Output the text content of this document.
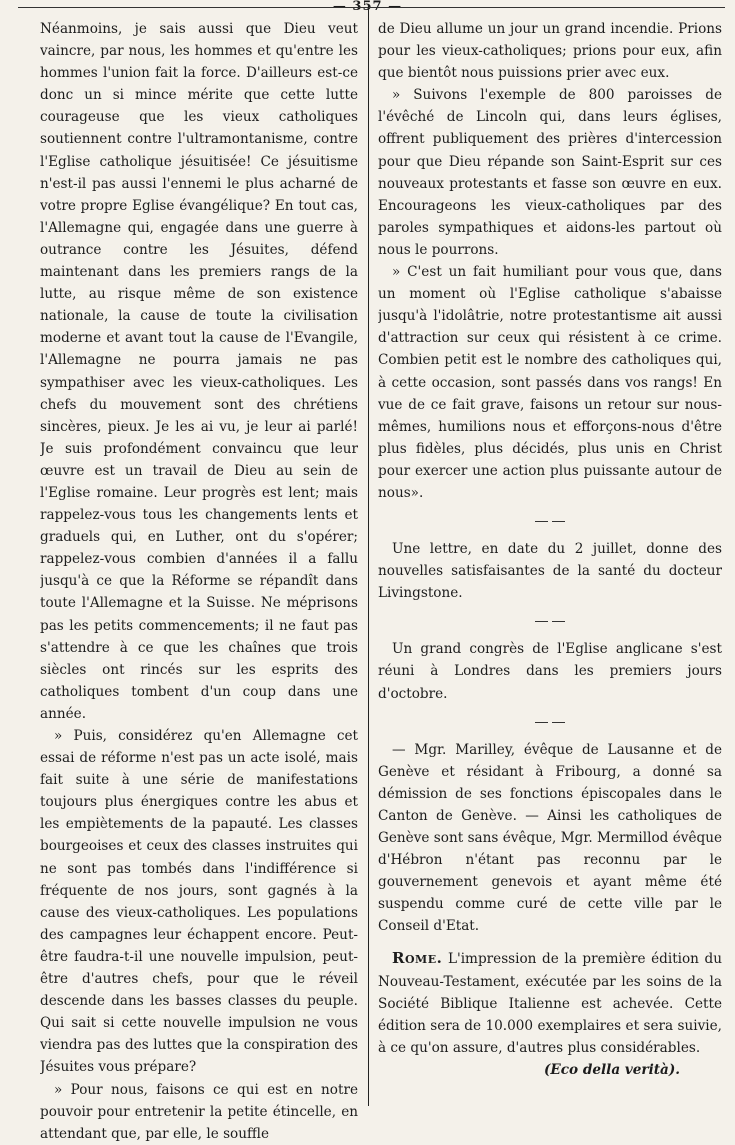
— 357 —

Néanmoins, je sais aussi que Dieu veut vaincre, par nous, les hommes et qu'entre les hommes l'union fait la force. D'ailleurs est-ce donc un si mince mérite que cette lutte courageuse que les vieux catholiques soutiennent contre l'ultramontanisme, contre l'Eglise catholique jésuitisée! Ce jésuitisme n'est-il pas aussi l'ennemi le plus acharné de votre propre Eglise évangélique? En tout cas, l'Allemagne qui, engagée dans une guerre à outrance contre les Jésuites, défend maintenant dans les premiers rangs de la lutte, au risque même de son existence nationale, la cause de toute la civilisation moderne et avant tout la cause de l'Evangile, l'Allemagne ne pourra jamais ne pas sympathiser avec les vieux-catholiques. Les chefs du mouvement sont des chrétiens sincères, pieux. Je les ai vu, je leur ai parlé! Je suis profondément convaincu que leur œuvre est un travail de Dieu au sein de l'Eglise romaine. Leur progrès est lent; mais rappelez-vous tous les changements lents et graduels qui, en Luther, ont du s'opérer; rappelez-vous combien d'années il a fallu jusqu'à ce que la Réforme se répandît dans toute l'Allemagne et la Suisse. Ne méprisons pas les petits commencements; il ne faut pas s'attendre à ce que les chaînes que trois siècles ont rincés sur les esprits des catholiques tombent d'un coup dans une année.

» Puis, considérez qu'en Allemagne cet essai de réforme n'est pas un acte isolé, mais fait suite à une série de manifestations toujours plus énergiques contre les abus et les empiètements de la papauté. Les classes bourgeoises et ceux des classes instruites qui ne sont pas tombés dans l'indifférence si fréquente de nos jours, sont gagnés à la cause des vieux-catholiques. Les populations des campagnes leur échappent encore. Peut-être faudra-t-il une nouvelle impulsion, peut-être d'autres chefs, pour que le réveil descende dans les basses classes du peuple. Qui sait si cette nouvelle impulsion ne vous viendra pas des luttes que la conspiration des Jésuites vous prépare?

» Pour nous, faisons ce qui est en notre pouvoir pour entretenir la petite étincelle, en attendant que, par elle, le souffle

de Dieu allume un jour un grand incendie. Prions pour les vieux-catholiques; prions pour eux, afin que bientôt nous puissions prier avec eux.

» Suivons l'exemple de 800 paroisses de l'évêché de Lincoln qui, dans leurs églises, offrent publiquement des prières d'intercession pour que Dieu répande son Saint-Esprit sur ces nouveaux protestants et fasse son œuvre en eux. Encourageons les vieux-catholiques par des paroles sympathiques et aidons-les partout où nous le pourrons.

» C'est un fait humiliant pour vous que, dans un moment où l'Eglise catholique s'abaisse jusqu'à l'idolâtrie, notre protestantisme ait aussi d'attraction sur ceux qui résistent à ce crime. Combien petit est le nombre des catholiques qui, à cette occasion, sont passés dans vos rangs! En vue de ce fait grave, faisons un retour sur nous-mêmes, humilions nous et efforçons-nous d'être plus fidèles, plus décidés, plus unis en Christ pour exercer une action plus puissante autour de nous».

Une lettre, en date du 2 juillet, donne des nouvelles satisfaisantes de la santé du docteur Livingstone.

Un grand congrès de l'Eglise anglicane s'est réuni à Londres dans les premiers jours d'octobre.

— Mgr. Marilley, évêque de Lausanne et de Genève et résidant à Fribourg, a donné sa démission de ses fonctions épiscopales dans le Canton de Genève. — Ainsi les catholiques de Genève sont sans évêque, Mgr. Mermillod évêque d'Hébron n'étant pas reconnu par le gouvernement genevois et ayant même été suspendu comme curé de cette ville par le Conseil d'Etat.

Rome. L'impression de la première édition du Nouveau-Testament, exécutée par les soins de la Société Biblique Italienne est achevée. Cette édition sera de 10.000 exemplaires et sera suivie, à ce qu'on assure, d'autres plus considérables.

(Eco della verità).
